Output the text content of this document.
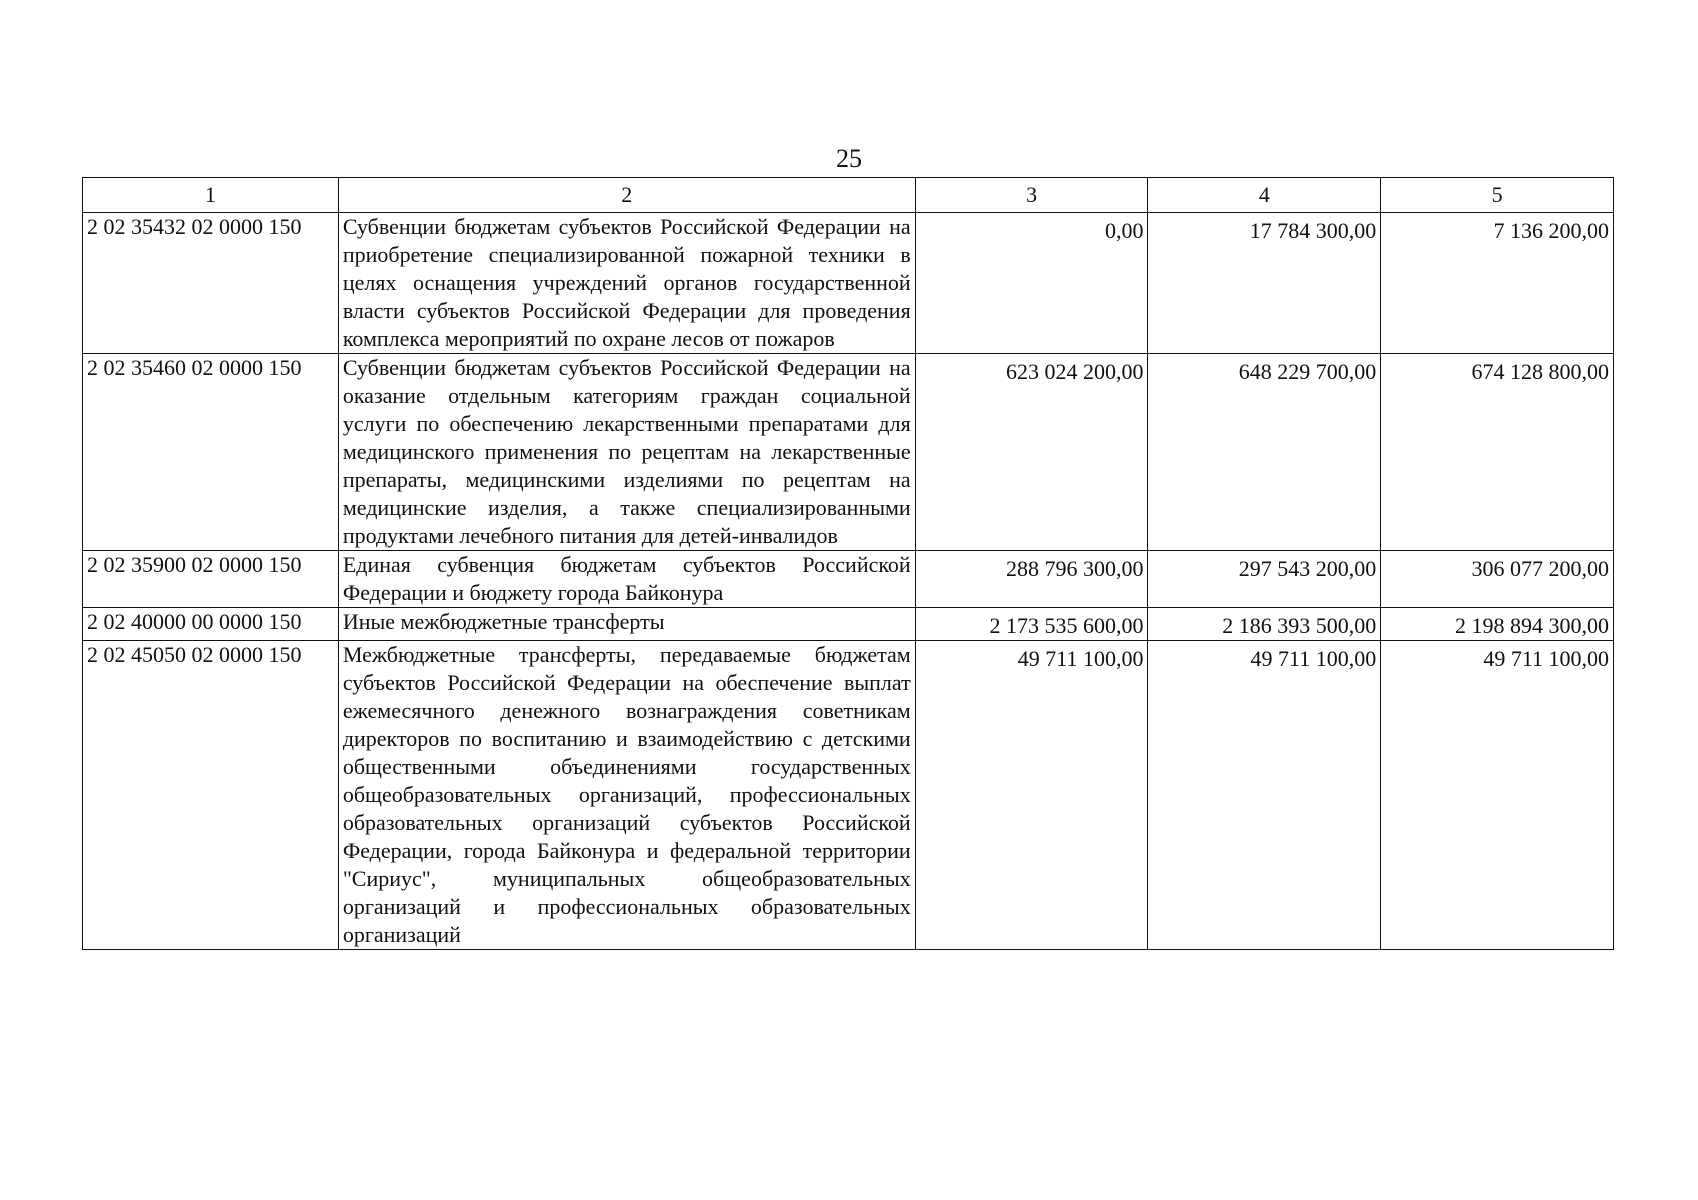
25
1	2	3	4	5
2 02 35432 02 0000 150	Субвенции бюджетам субъектов Российской Федерации на приобретение специализированной пожарной техники в целях оснащения учреждений органов государственной власти субъектов Российской Федерации для проведения комплекса мероприятий по охране лесов от пожаров	0,00	17 784 300,00	7 136 200,00

2 02 35460 02 0000 150	Субвенции бюджетам субъектов Российской Федерации на оказание отдельным категориям граждан социальной услуги по обеспечению лекарственными препаратами для медицинского применения по рецептам на лекарственные препараты, медицинскими изделиями по рецептам на медицинские изделия, а также специализированными продуктами лечебного питания для детей-инвалидов	623 024 200,00	648 229 700,00	674 128 800,00

2 02 35900 02 0000 150	Единая субвенция бюджетам субъектов Российской Федерации и бюджету города Байконура	288 796 300,00	297 543 200,00	306 077 200,00

2 02 40000 00 0000 150	Иные межбюджетные трансферты	2 173 535 600,00	2 186 393 500,00	2 198 894 300,00

2 02 45050 02 0000 150	Межбюджетные трансферты, передаваемые бюджетам субъектов Российской Федерации на обеспечение выплат ежемесячного денежного вознаграждения советникам директоров по воспитанию и взаимодействию с детскими общественными объединениями государственных общеобразовательных организаций, профессиональных образовательных организаций субъектов Российской Федерации, города Байконура и федеральной территории "Сириус", муниципальных общеобразовательных организаций и профессиональных образовательных организаций	49 711 100,00	49 711 100,00	49 711 100,00
